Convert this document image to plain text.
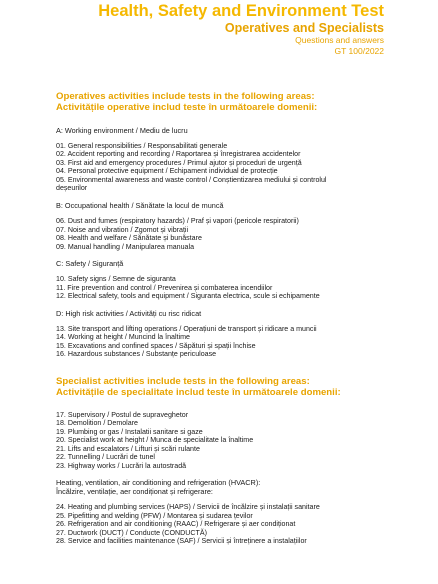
Health, Safety and Environment Test
Operatives and Specialists
Questions and answers
GT 100/2022
Operatives activities include tests in the following areas:
Activitățile operative includ teste în următoarele domenii:
A: Working environment / Mediu de lucru
01. General responsibilities / Responsabilitati generale
02. Accident reporting and recording / Raportarea și înregistrarea accidentelor
03. First aid and emergency procedures / Primul ajutor și proceduri de urgență
04. Personal protective equipment / Echipament individual de protecție
05. Environmental awareness and waste control / Conștientizarea mediului și controlul
deșeurilor
B: Occupational health / Sănătate la locul de muncă
06. Dust and fumes (respiratory hazards) / Praf și vapori (pericole respiratorii)
07. Noise and vibration / Zgomot și vibrații
08. Health and welfare / Sănătate și bunăstare
09. Manual handling / Manipularea manuala
C: Safety / Siguranță
10. Safety signs / Semne de siguranta
11. Fire prevention and control / Prevenirea și combaterea incendiilor
12. Electrical safety, tools and equipment / Siguranta electrica, scule si echipamente
D: High risk activities / Activități cu risc ridicat
13. Site transport and lifting operations / Operațiuni de transport și ridicare a muncii
14. Working at height / Muncind la înaltime
15. Excavations and confined spaces / Săpături și spații închise
16. Hazardous substances / Substanțe periculoase
Specialist activities include tests in the following areas:
Activitățile de specialitate includ teste în următoarele domenii:
17. Supervisory / Postul de supraveghetor
18. Demolition / Demolare
19. Plumbing or gas / Instalatii sanitare si gaze
20. Specialist work at height / Munca de specialitate la înaltime
21. Lifts and escalators / Lifturi și scări rulante
22. Tunnelling / Lucrări de tunel
23. Highway works / Lucrări la autostradă
Heating, ventilation, air conditioning and refrigeration (HVACR):
Încălzire, ventilație, aer condiționat și refrigerare:
24. Heating and plumbing services (HAPS) / Servicii de încălzire și instalații sanitare
25. Pipefitting and welding (PFW) / Montarea și sudarea țevilor
26. Refrigeration and air conditioning (RAAC) / Refrigerare și aer condiționat
27. Ductwork (DUCT) / Conducte (CONDUCTĂ)
28. Service and facilities maintenance (SAF) / Servicii și întreținere a instalațiilor
